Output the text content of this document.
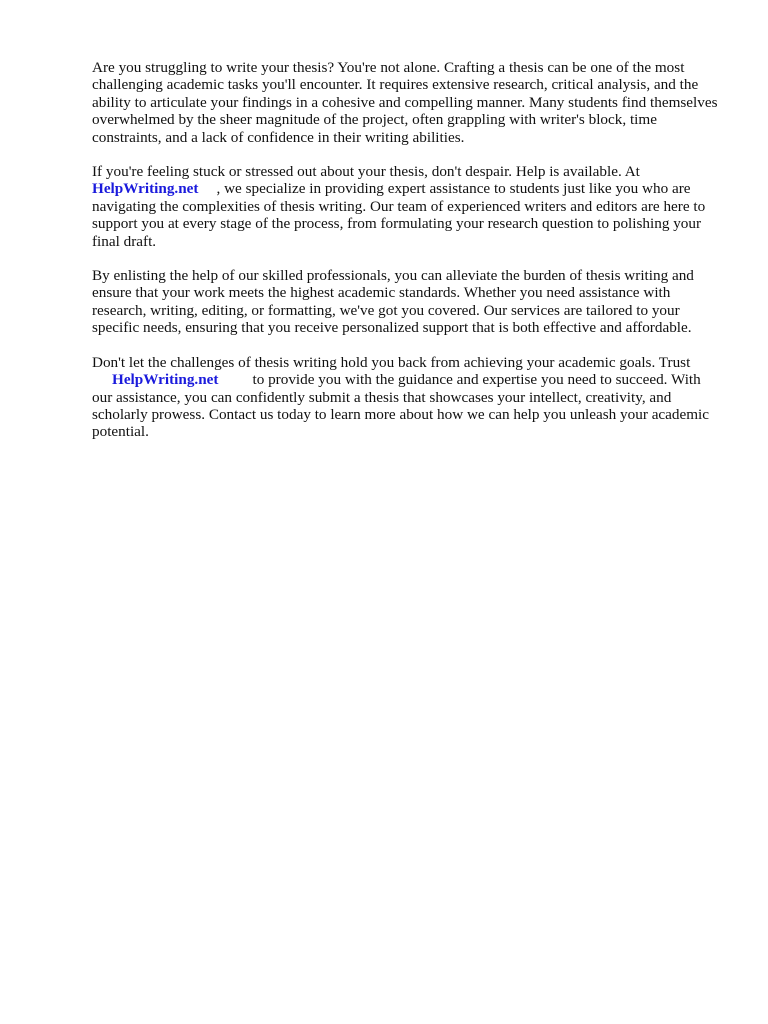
Are you struggling to write your thesis? You're not alone. Crafting a thesis can be one of the most challenging academic tasks you'll encounter. It requires extensive research, critical analysis, and the ability to articulate your findings in a cohesive and compelling manner. Many students find themselves overwhelmed by the sheer magnitude of the project, often grappling with writer's block, time constraints, and a lack of confidence in their writing abilities.

If you're feeling stuck or stressed out about your thesis, don't despair. Help is available. At
HelpWriting.net , we specialize in providing expert assistance to students just like you who are navigating the complexities of thesis writing. Our team of experienced writers and editors are here to support you at every stage of the process, from formulating your research question to polishing your final draft.

By enlisting the help of our skilled professionals, you can alleviate the burden of thesis writing and ensure that your work meets the highest academic standards. Whether you need assistance with research, writing, editing, or formatting, we've got you covered. Our services are tailored to your specific needs, ensuring that you receive personalized support that is both effective and affordable.

Don't let the challenges of thesis writing hold you back from achieving your academic goals. Trust
HelpWriting.net to provide you with the guidance and expertise you need to succeed. With our assistance, you can confidently submit a thesis that showcases your intellect, creativity, and scholarly prowess. Contact us today to learn more about how we can help you unleash your academic potential.
